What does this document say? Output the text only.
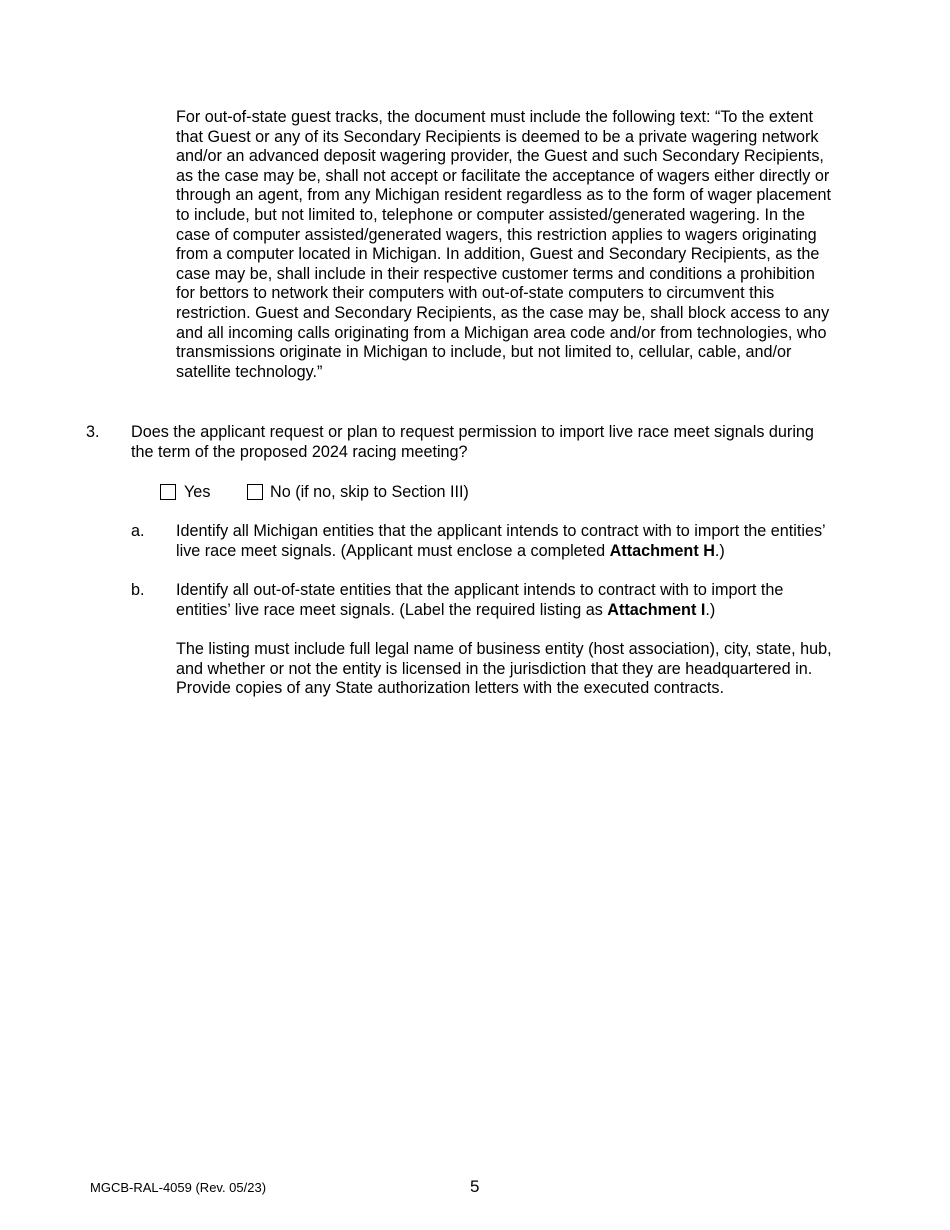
For out-of-state guest tracks, the document must include the following text: “To the extent that Guest or any of its Secondary Recipients is deemed to be a private wagering network and/or an advanced deposit wagering provider, the Guest and such Secondary Recipients, as the case may be, shall not accept or facilitate the acceptance of wagers either directly or through an agent, from any Michigan resident regardless as to the form of wager placement to include, but not limited to, telephone or computer assisted/generated wagering. In the case of computer assisted/generated wagers, this restriction applies to wagers originating from a computer located in Michigan. In addition, Guest and Secondary Recipients, as the case may be, shall include in their respective customer terms and conditions a prohibition for bettors to network their computers with out-of-state computers to circumvent this restriction. Guest and Secondary Recipients, as the case may be, shall block access to any and all incoming calls originating from a Michigan area code and/or from technologies, who transmissions originate in Michigan to include, but not limited to, cellular, cable, and/or satellite technology.”

3. Does the applicant request or plan to request permission to import live race meet signals during the term of the proposed 2024 racing meeting?

Yes	No (if no, skip to Section III)
a. Identify all Michigan entities that the applicant intends to contract with to import the entities’ live race meet signals. (Applicant must enclose a completed Attachment H.)

b. Identify all out-of-state entities that the applicant intends to contract with to import the entities’ live race meet signals. (Label the required listing as Attachment I.)

The listing must include full legal name of business entity (host association), city, state, hub, and whether or not the entity is licensed in the jurisdiction that they are headquartered in. Provide copies of any State authorization letters with the executed contracts.

MGCB-RAL-4059 (Rev. 05/23)	5
